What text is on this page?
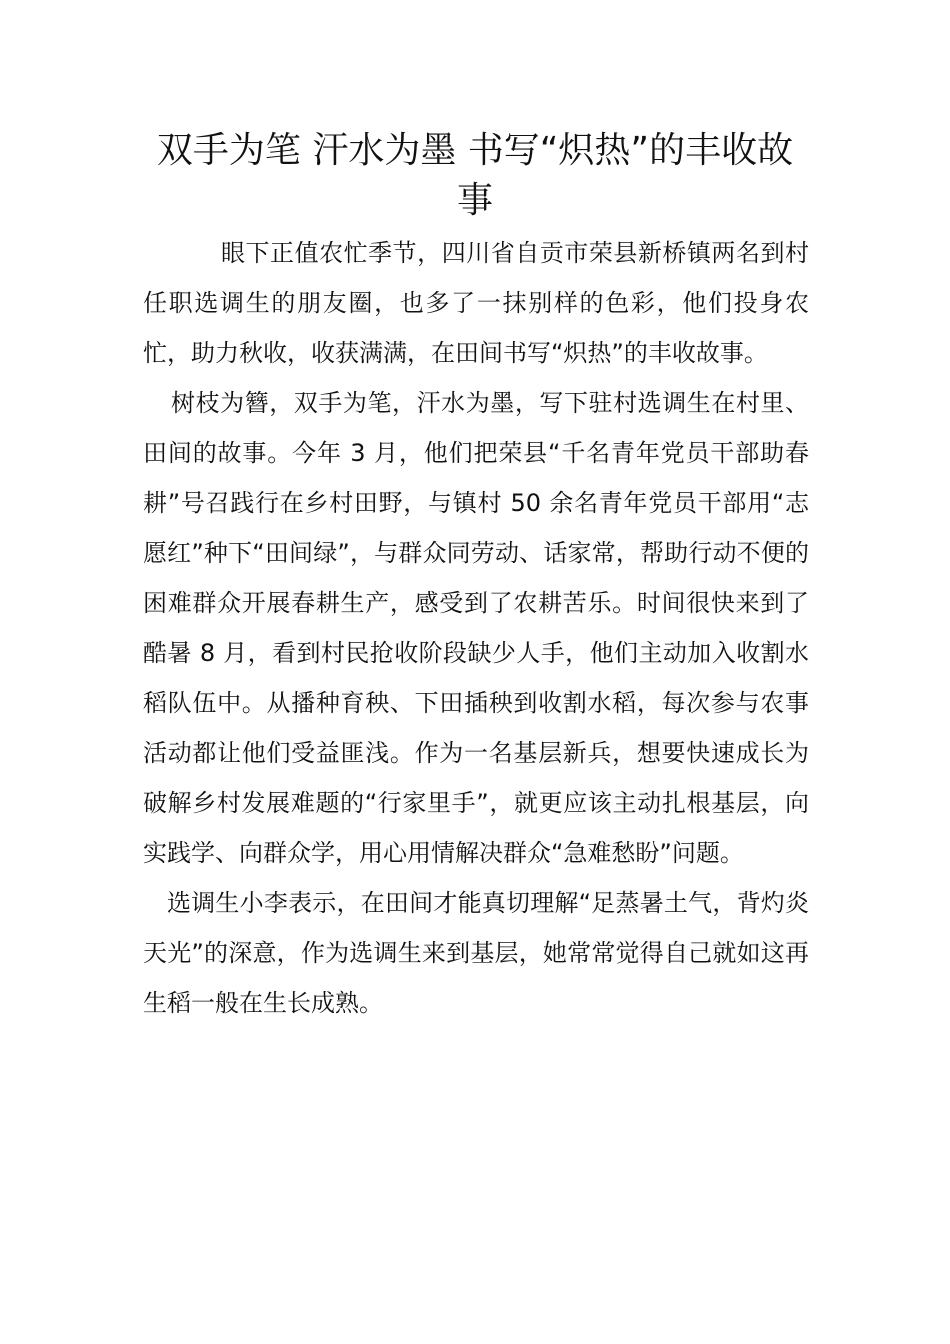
双手为笔 汗水为墨 书写“炽热”的丰收故事

眼下正值农忙季节，四川省自贡市荣县新桥镇两名到村任职选调生的朋友圈，也多了一抹别样的色彩，他们投身农忙，助力秋收，收获满满，在田间书写“炽热”的丰收故事。

树枝为簪，双手为笔，汗水为墨，写下驻村选调生在村里、田间的故事。今年 3 月，他们把荣县“千名青年党员干部助春耕”号召践行在乡村田野，与镇村 50 余名青年党员干部用“志愿红”种下“田间绿”，与群众同劳动、话家常，帮助行动不便的困难群众开展春耕生产，感受到了农耕苦乐。时间很快来到了酷暑 8 月，看到村民抢收阶段缺少人手，他们主动加入收割水稻队伍中。从播种育秧、下田插秧到收割水稻，每次参与农事活动都让他们受益匪浅。作为一名基层新兵，想要快速成长为破解乡村发展难题的“行家里手”，就更应该主动扎根基层，向实践学、向群众学，用心用情解决群众“急难愁盼”问题。

选调生小李表示，在田间才能真切理解“足蒸暑土气，背灼炎天光”的深意，作为选调生来到基层，她常常觉得自己就如这再生稻一般在生长成熟。
